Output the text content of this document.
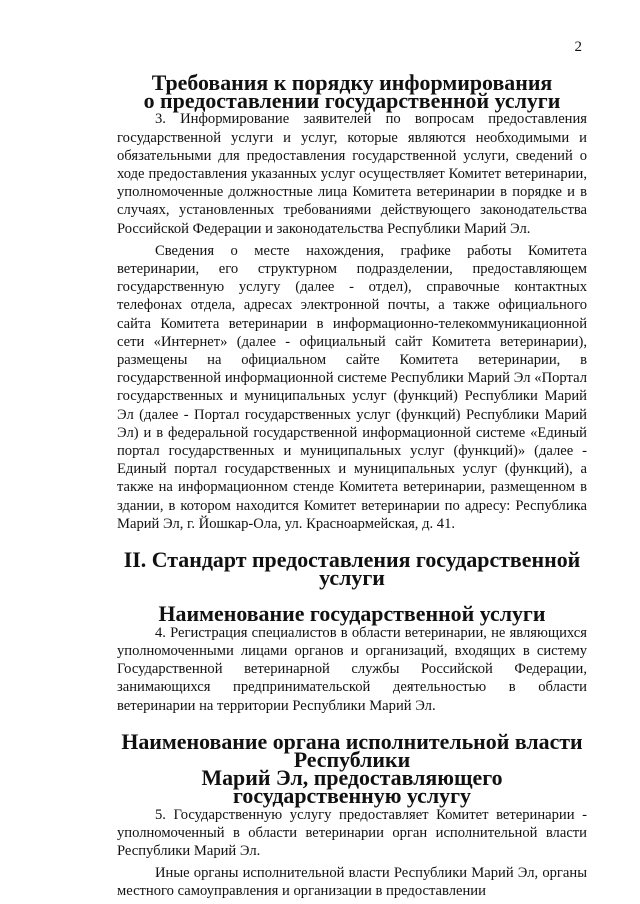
2
Требования к порядку информирования
о предоставлении государственной услуги

3. Информирование заявителей по вопросам предоставления государственной услуги и услуг, которые являются необходимыми и обязательными для предоставления государственной услуги, сведений о ходе предоставления указанных услуг осуществляет Комитет ветеринарии, уполномоченные должностные лица Комитета ветеринарии в порядке и в случаях, установленных требованиями действующего законодательства Российской Федерации и законодательства Республики Марий Эл.

Сведения о месте нахождения, графике работы Комитета ветеринарии, его структурном подразделении, предоставляющем государственную услугу (далее - отдел), справочные контактных телефонах отдела, адресах электронной почты, а также официального сайта Комитета ветеринарии в информационно-телекоммуникационной сети «Интернет» (далее - официальный сайт Комитета ветеринарии), размещены на официальном сайте Комитета ветеринарии, в государственной информационной системе Республики Марий Эл «Портал государственных и муниципальных услуг (функций) Республики Марий Эл (далее - Портал государственных услуг (функций) Республики Марий Эл) и в федеральной государственной информационной системе «Единый портал государственных и муниципальных услуг (функций)» (далее - Единый портал государственных и муниципальных услуг (функций), а также на информационном стенде Комитета ветеринарии, размещенном в здании, в котором находится Комитет ветеринарии по адресу: Республика Марий Эл, г. Йошкар-Ола, ул. Красноармейская, д. 41.

II. Стандарт предоставления государственной услуги
Наименование государственной услуги

4. Регистрация специалистов в области ветеринарии, не являющихся уполномоченными лицами органов и организаций, входящих в систему Государственной ветеринарной службы Российской Федерации, занимающихся предпринимательской деятельностью в области ветеринарии на территории Республики Марий Эл.

Наименование органа исполнительной власти Республики
Марий Эл, предоставляющего государственную услугу

5. Государственную услугу предоставляет Комитет ветеринарии - уполномоченный в области ветеринарии орган исполнительной власти Республики Марий Эл.

Иные органы исполнительной власти Республики Марий Эл, органы местного самоуправления и организации в предоставлении
